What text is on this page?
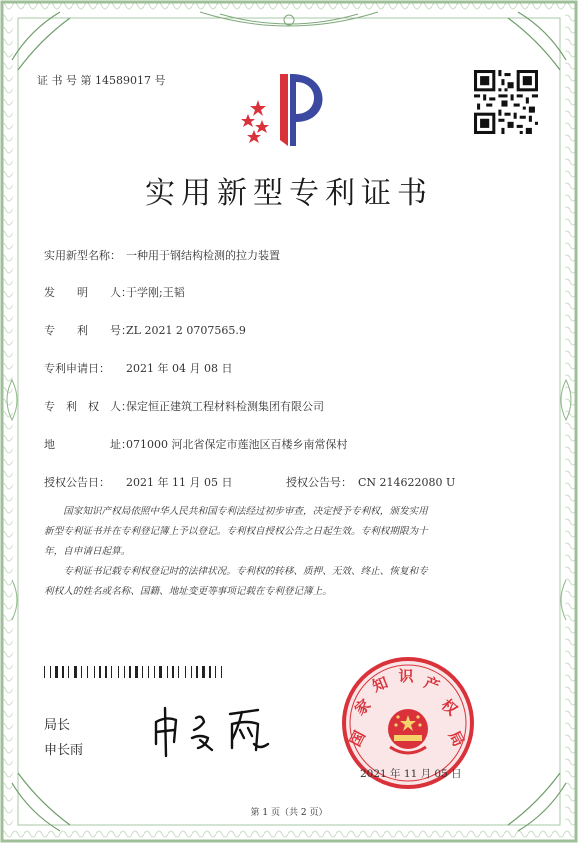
证 书 号 第 14589017 号
实用新型专利证书
实用新型名称： 一种用于钢结构检测的拉力装置
发　　明　　人：于学刚;王韬
专　　利　　号：ZL 2021 2 0707565.9
专利申请日： 2021 年 04 月 08 日
专　利　权　人：保定恒正建筑工程材料检测集团有限公司
地　　　　　址：071000 河北省保定市莲池区百楼乡南常保村
授权公告日： 2021 年 11 月 05 日	授权公告号： CN 214622080 U
国家知识产权局依照中华人民共和国专利法经过初步审查，决定授予专利权，颁发实用
新型专利证书并在专利登记簿上予以登记。专利权自授权公告之日起生效。专利权期限为十
年，自申请日起算。
专利证书记载专利权登记时的法律状况。专利权的转移、质押、无效、终止、恢复和专
利权人的姓名或名称、国籍、地址变更等事项记载在专利登记簿上。
局长
申长雨
国
家
知 识 产
权
局
2021 年 11 月 05 日
第 1 页（共 2 页）
